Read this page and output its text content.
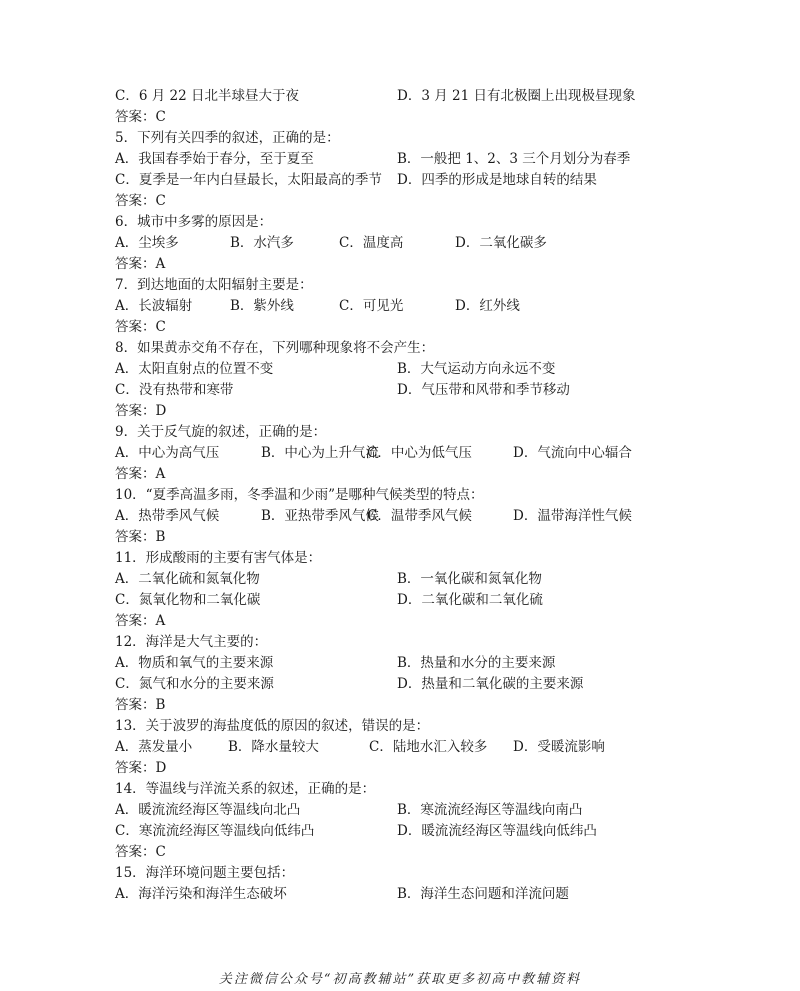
C．6 月 22 日北半球昼大于夜	D．3 月 21 日有北极圈上出现极昼现象
答案：C
5．下列有关四季的叙述，正确的是：
A．我国春季始于春分，至于夏至	B．一般把 1、2、3 三个月划分为春季
C．夏季是一年内白昼最长，太阳最高的季节 D．四季的形成是地球自转的结果
答案：C
6．城市中多雾的原因是：
A．尘埃多	B．水汽多	C．温度高	D．二氧化碳多
答案：A
7．到达地面的太阳辐射主要是：
A．长波辐射	B．紫外线	C．可见光	D．红外线
答案：C
8．如果黄赤交角不存在，下列哪种现象将不会产生：
A．太阳直射点的位置不变	B．大气运动方向永远不变
C．没有热带和寒带	D．气压带和风带和季节移动
答案：D
9．关于反气旋的叙述，正确的是：
A．中心为高气压	B．中心为上升气流
C．中心为低气压	D．气流向中心辐合
答案：A
10．“夏季高温多雨，冬季温和少雨”是哪种气候类型的特点：
A．热带季风气候	B．亚热带季风气候
C．温带季风气候	D．温带海洋性气候
答案：B
11．形成酸雨的主要有害气体是：
A．二氧化硫和氮氧化物	B．一氧化碳和氮氧化物
C．氮氧化物和二氧化碳	D．二氧化碳和二氧化硫
答案：A
12．海洋是大气主要的：
A．物质和氧气的主要来源	B．热量和水分的主要来源
C．氮气和水分的主要来源	D．热量和二氧化碳的主要来源
答案：B
13．关于波罗的海盐度低的原因的叙述，错误的是：
A．蒸发量小	B．降水量较大	C．陆地水汇入较多 D．受暖流影响
答案：D
14．等温线与洋流关系的叙述，正确的是：
A．暖流流经海区等温线向北凸	B．寒流流经海区等温线向南凸
C．寒流流经海区等温线向低纬凸	D．暖流流经海区等温线向低纬凸
答案：C
15．海洋环境问题主要包括：
A．海洋污染和海洋生态破坏	B．海洋生态问题和洋流问题
关注微信公众号“初高教辅站”获取更多初高中教辅资料
